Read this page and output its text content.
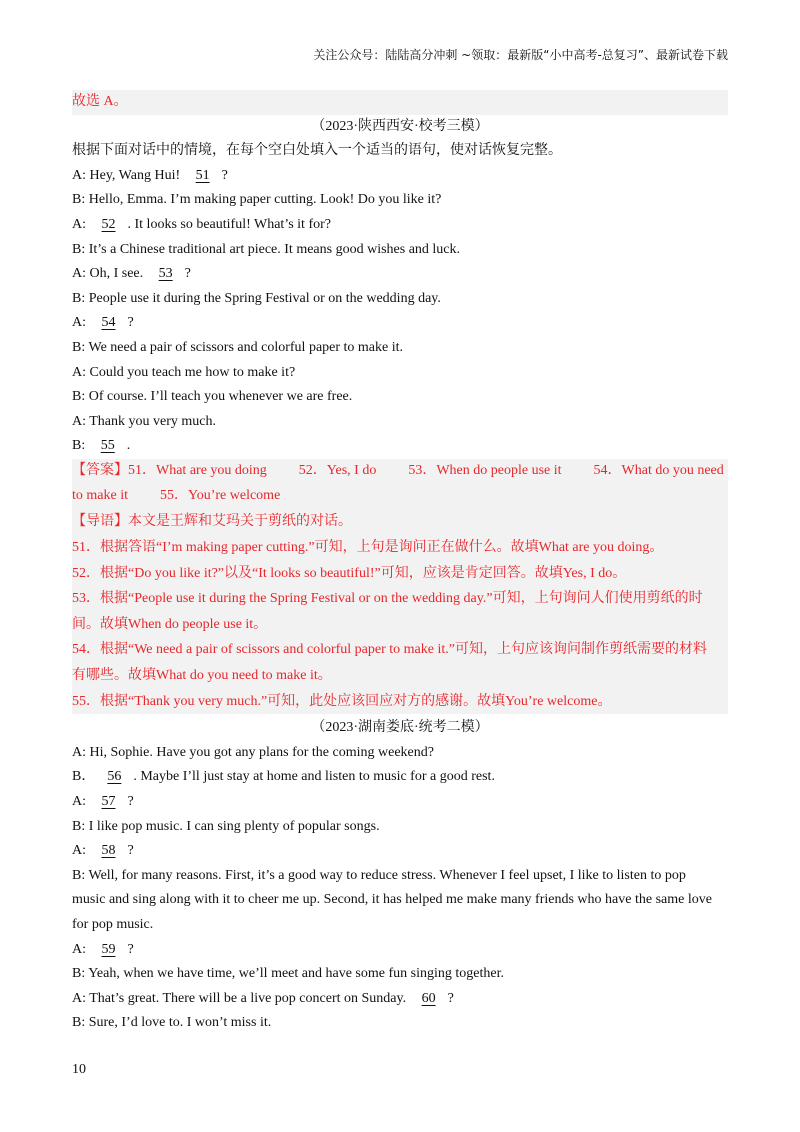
关注公众号：陆陆高分冲刺 ~领取：最新版“小中高考-总复习”、最新试卷下载
故选 A。
（2023·陕西西安·校考三模）
根据下面对话中的情境，在每个空白处填入一个适当的语句，使对话恢复完整。
A: Hey, Wang Hui! 51 ?
B: Hello, Emma. I’m making paper cutting. Look! Do you like it?
A: 52 . It looks so beautiful! What’s it for?
B: It’s a Chinese traditional art piece. It means good wishes and luck.
A: Oh, I see. 53 ?
B: People use it during the Spring Festival or on the wedding day.
A: 54 ?
B: We need a pair of scissors and colorful paper to make it.
A: Could you teach me how to make it?
B: Of course. I’ll teach you whenever we are free.
A: Thank you very much.
B: 55 .
【答案】51．What are you doing 52．Yes, I do 53．When do people use it 54．What do you need
to make it 55．You’re welcome
【导语】本文是王辉和艾玛关于剪纸的对话。
51．根据答语“I’m making paper cutting.”可知，上句是询问正在做什么。故填What are you doing。
52．根据“Do you like it?”以及“It looks so beautiful!”可知，应该是肯定回答。故填Yes, I do。
53．根据“People use it during the Spring Festival or on the wedding day.”可知，上句询问人们使用剪纸的时
间。故填When do people use it。
54．根据“We need a pair of scissors and colorful paper to make it.”可知，上句应该询问制作剪纸需要的材料
有哪些。故填What do you need to make it。
55．根据“Thank you very much.”可知，此处应该回应对方的感谢。故填You’re welcome。
（2023·湖南娄底·统考二模）
A: Hi, Sophie. Have you got any plans for the coming weekend?
B． 56 . Maybe I’ll just stay at home and listen to music for a good rest.
A: 57 ?
B: I like pop music. I can sing plenty of popular songs.
A: 58 ?
B: Well, for many reasons. First, it’s a good way to reduce stress. Whenever I feel upset, I like to listen to pop
music and sing along with it to cheer me up. Second, it has helped me make many friends who have the same love
for pop music.
A: 59 ?
B: Yeah, when we have time, we’ll meet and have some fun singing together.
A: That’s great. There will be a live pop concert on Sunday. 60 ?
B: Sure, I’d love to. I won’t miss it.
10
